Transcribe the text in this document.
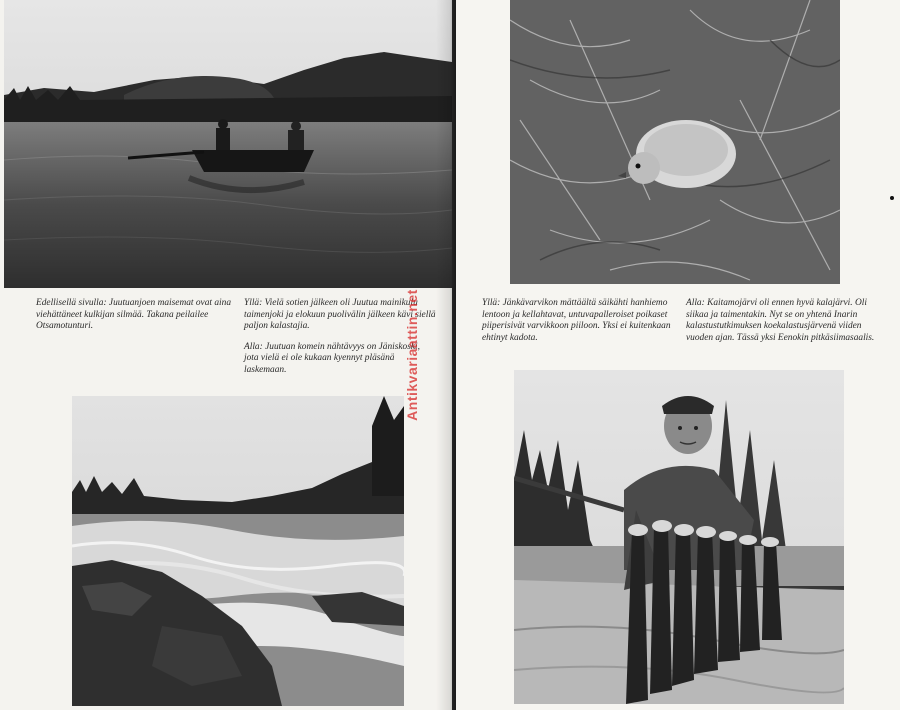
Edellisellä sivulla: Juutuanjoen maisemat ovat aina viehättäneet kulkijan silmää. Takana peilailee Otsamotunturi.

Yllä: Vielä sotien jälkeen oli Juutua mainikulu taimenjoki ja elokuun puolivälin jälkeen kävi siellä paljon kalastajia.

Alla: Juutuan komein nähtävyys on Jäniskoski, jota vielä ei ole kukaan kyennyt pläsänä laskemaan.

Yllä: Jänkävarvikon mättäältä säikähti hanhiemo lentoon ja kellahtavat, untuvapalleroiset poikaset piiperisivät varvikkoon piiloon. Yksi ei kuitenkaan ehtinyt kadota.

Alla: Kaitamojärvi oli ennen hyvä kalajärvi. Oli siikaa ja taimentakin. Nyt se on yhtenä Inarin kalastustutkimuksen koekalastusjärvenä viiden vuoden ajan. Tässä yksi Eenokin pitkäsiimasaalis.

Antikvariaattin.net
